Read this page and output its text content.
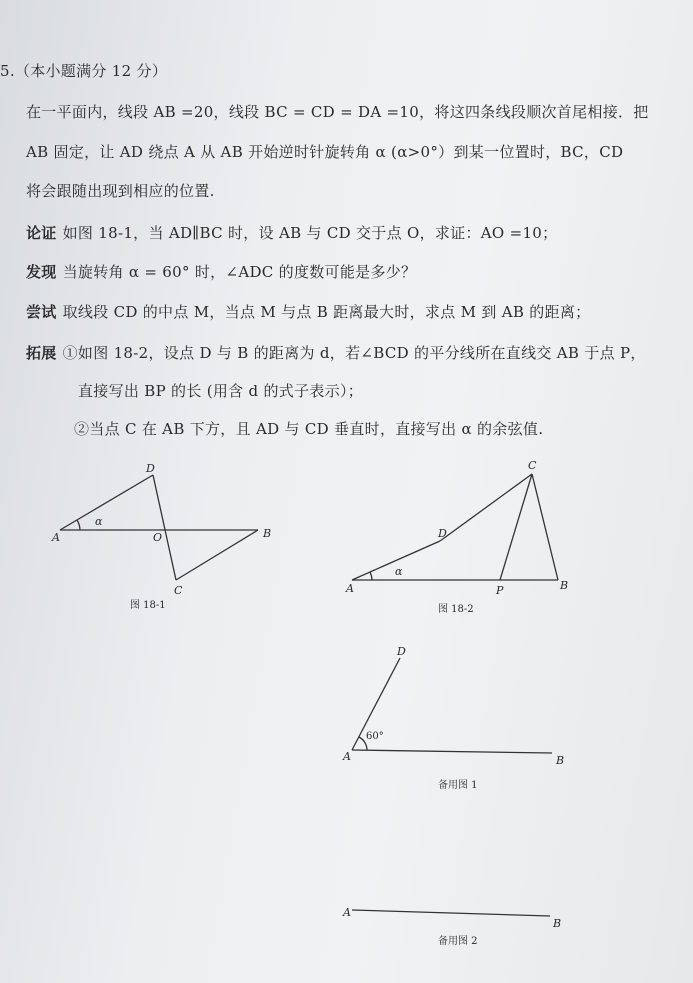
5.（本小题满分 12 分）
在一平面内，线段 AB =20，线段 BC = CD = DA =10，将这四条线段顺次首尾相接．把
AB 固定，让 AD 绕点 A 从 AB 开始逆时针旋转角 α (α>0°）到某一位置时，BC，CD
将会跟随出现到相应的位置.
论证 如图 18-1，当 AD∥BC 时，设 AB 与 CD 交于点 O，求证：AO =10；
发现 当旋转角 α = 60° 时，∠ADC 的度数可能是多少？
尝试 取线段 CD 的中点 M，当点 M 与点 B 距离最大时，求点 M 到 AB 的距离；
拓展 ①如图 18-2，设点 D 与 B 的距离为 d，若∠BCD 的平分线所在直线交 AB 于点 P，
直接写出 BP 的长 (用含 d 的式子表示）；
②当点 C 在 AB 下方，且 AD 与 CD 垂直时，直接写出 α 的余弦值.
D
A	O	B
C
α
图 18-1
C
D
A
α
P	B
图 18-2
D
A
60°
B
备用图 1
A
B
备用图 2
